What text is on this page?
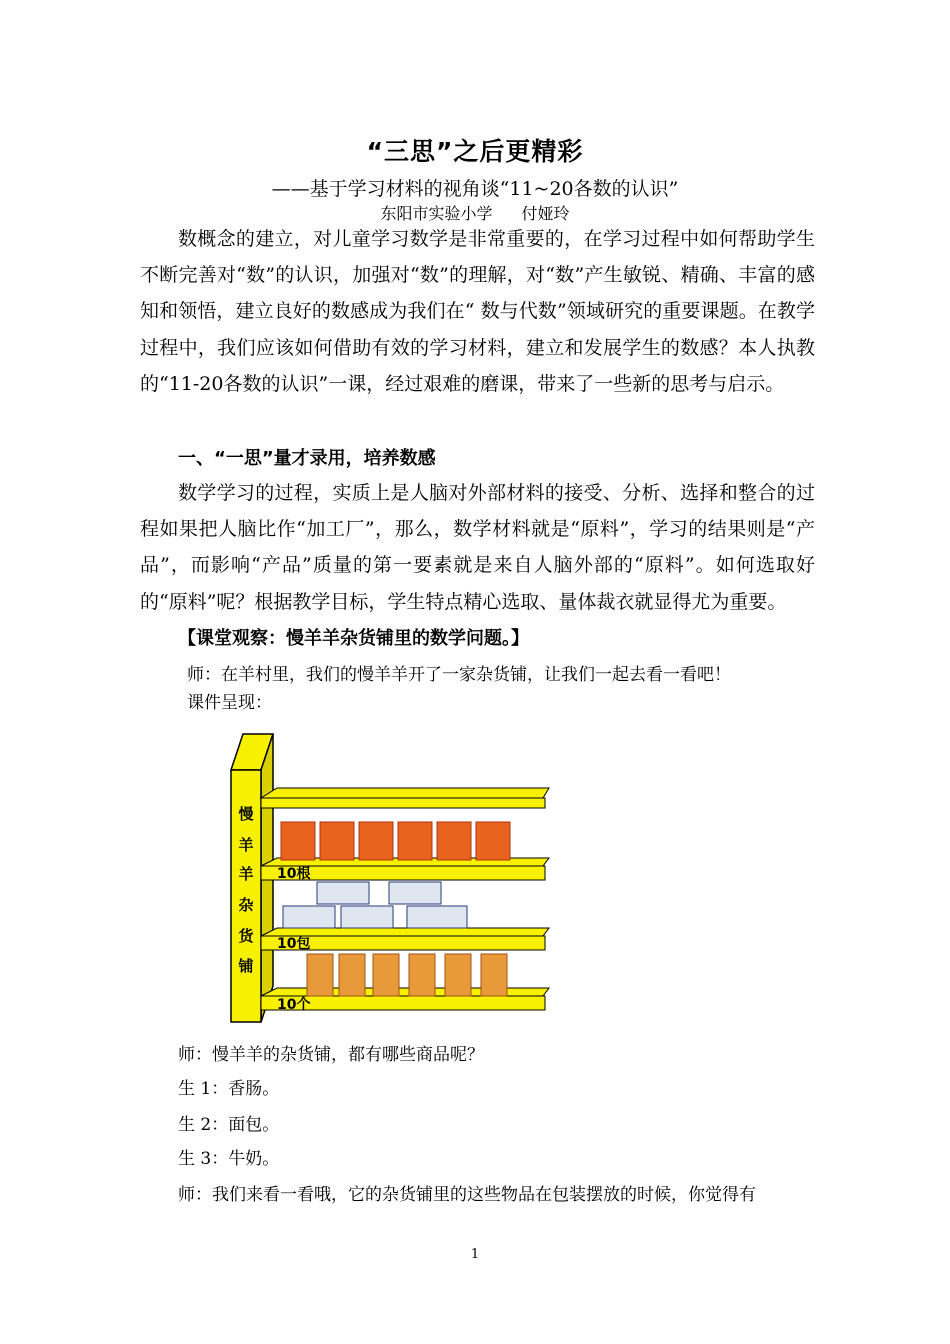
“三思”之后更精彩
——基于学习材料的视角谈“11~20各数的认识”
东阳市实验小学 付娅玲
数概念的建立，对儿童学习数学是非常重要的，在学习过程中如何帮助学生不断完善对“数”的认识，加强对“数”的理解，对“数”产生敏锐、精确、丰富的感知和领悟，建立良好的数感成为我们在“ 数与代数”领域研究的重要课题。在教学过程中，我们应该如何借助有效的学习材料，建立和发展学生的数感？本人执教的“11-20各数的认识”一课，经过艰难的磨课，带来了一些新的思考与启示。
一、“一思”量才录用，培养数感
数学学习的过程，实质上是人脑对外部材料的接受、分析、选择和整合的过程如果把人脑比作“加工厂”，那么，数学材料就是“原料”，学习的结果则是“产品”，而影响“产品”质量的第一要素就是来自人脑外部的“原料”。如何选取好的“原料”呢？根据教学目标，学生特点精心选取、量体裁衣就显得尤为重要。
【课堂观察：慢羊羊杂货铺里的数学问题。】
师：在羊村里，我们的慢羊羊开了一家杂货铺，让我们一起去看一看吧！
课件呈现：
慢
羊
羊
杂
货
铺
10根
10包
10个
师：慢羊羊的杂货铺，都有哪些商品呢？
生 1：香肠。
生 2：面包。
生 3：牛奶。
师：我们来看一看哦，它的杂货铺里的这些物品在包装摆放的时候，你觉得有
1
